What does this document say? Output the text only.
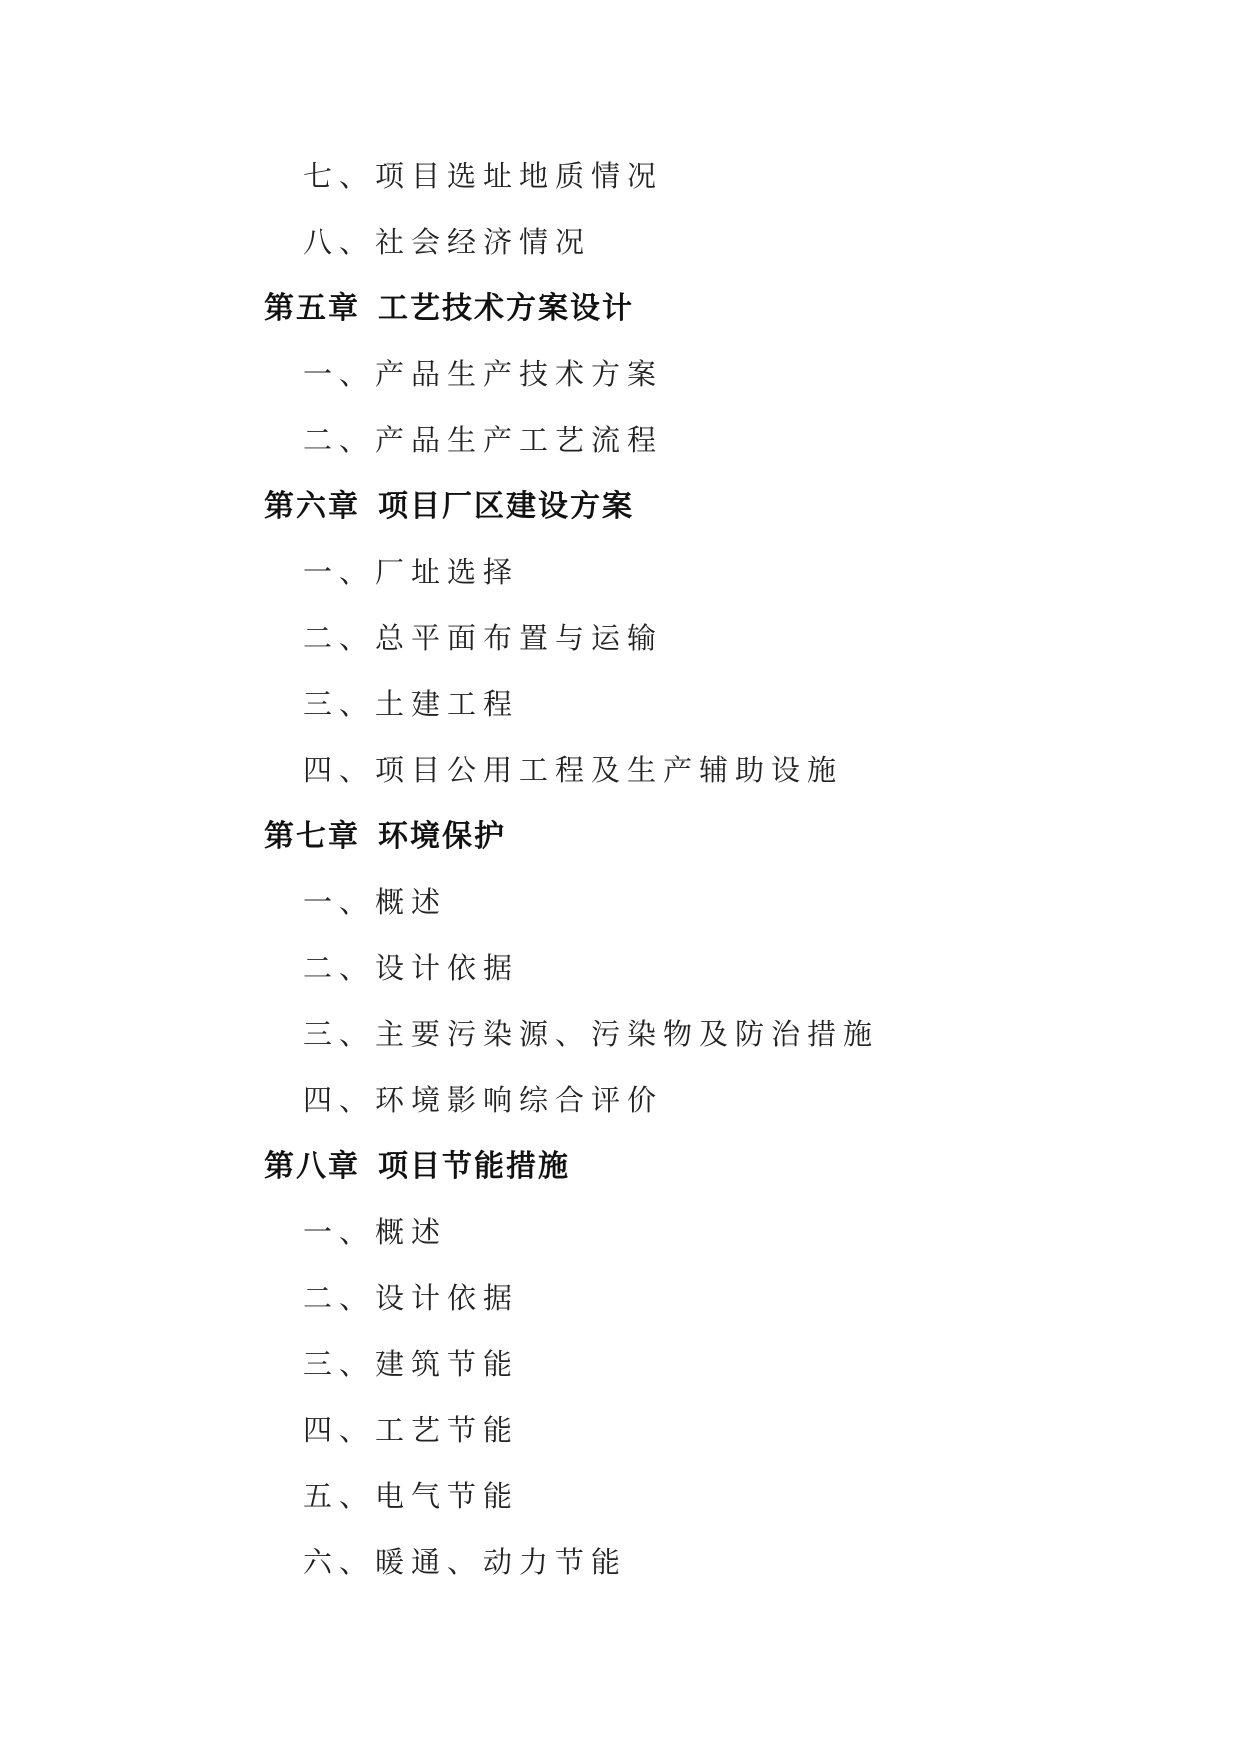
七、项目选址地质情况
八、社会经济情况
第五章 工艺技术方案设计
一、产品生产技术方案
二、产品生产工艺流程
第六章 项目厂区建设方案
一、厂址选择
二、总平面布置与运输
三、土建工程
四、项目公用工程及生产辅助设施
第七章 环境保护
一、概述
二、设计依据
三、主要污染源、污染物及防治措施
四、环境影响综合评价
第八章 项目节能措施
一、概述
二、设计依据
三、建筑节能
四、工艺节能
五、电气节能
六、暖通、动力节能
